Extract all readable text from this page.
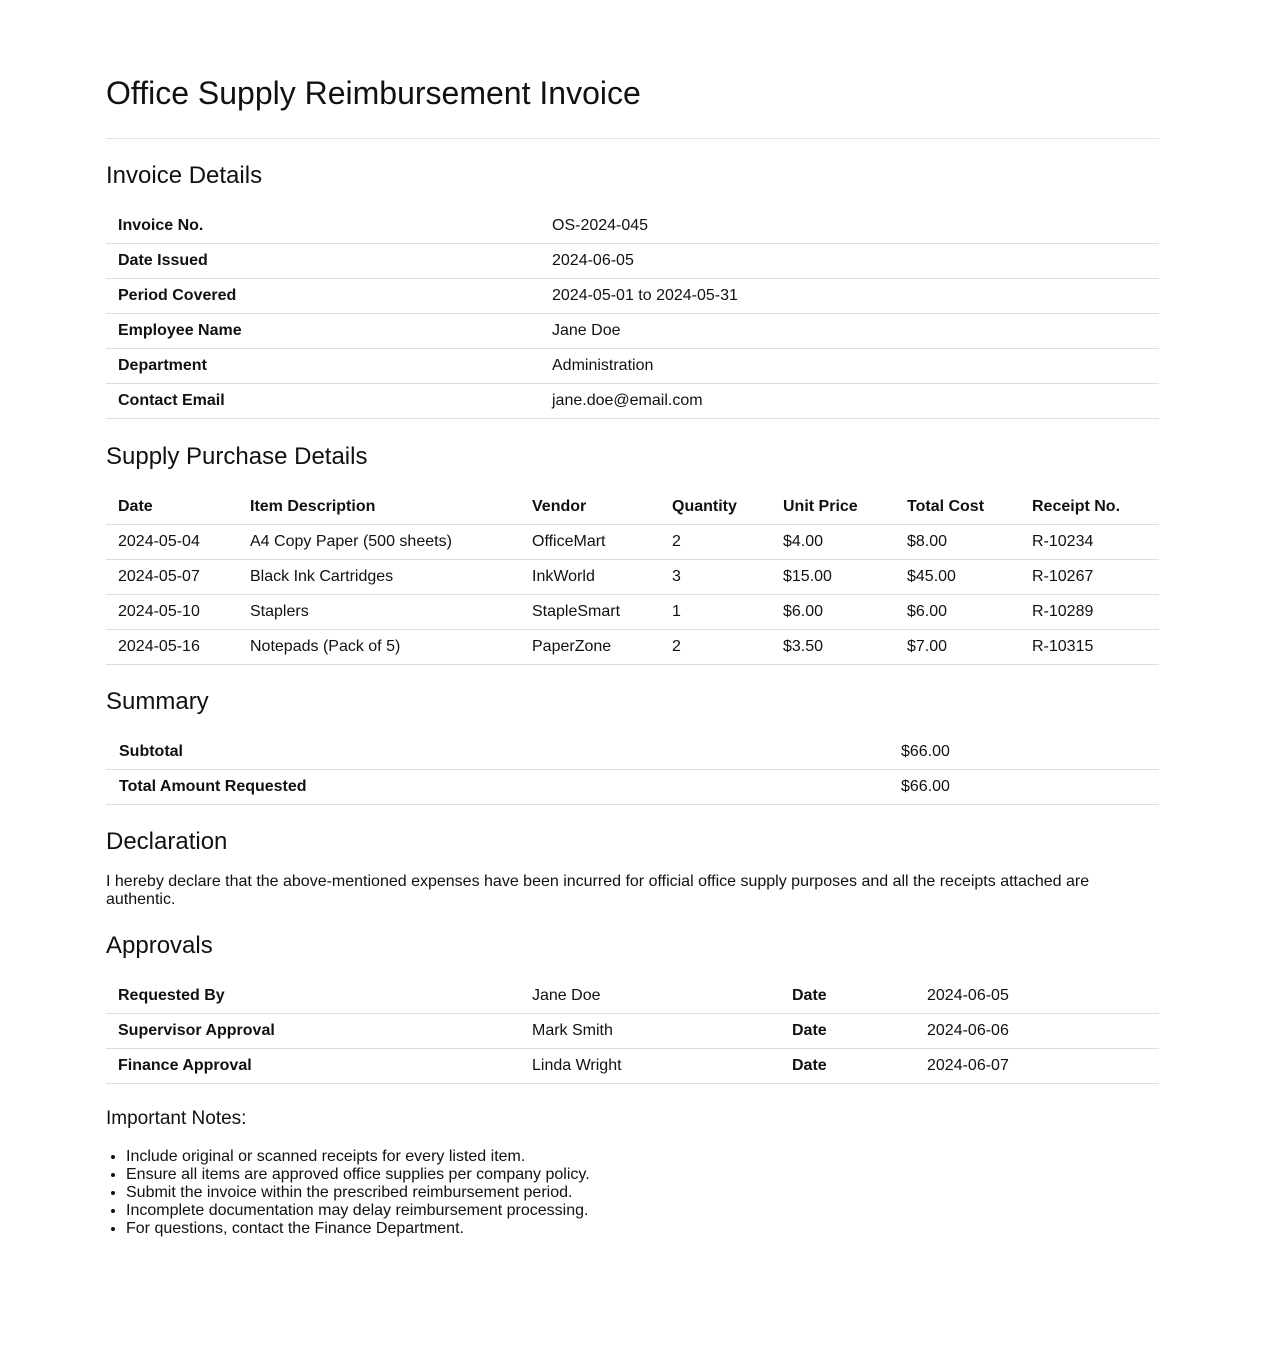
Office Supply Reimbursement Invoice
Invoice Details
Invoice No.	OS-2024-045
Date Issued	2024-06-05
Period Covered	2024-05-01 to 2024-05-31
Employee Name	Jane Doe
Department	Administration
Contact Email	jane.doe@email.com
Supply Purchase Details
Date	Item Description	Vendor	Quantity	Unit Price	Total Cost	Receipt No.
2024-05-04	A4 Copy Paper (500 sheets)	OfficeMart	2	$4.00	$8.00	R-10234
2024-05-07	Black Ink Cartridges	InkWorld	3	$15.00	$45.00	R-10267
2024-05-10	Staplers	StapleSmart	1	$6.00	$6.00	R-10289
2024-05-16	Notepads (Pack of 5)	PaperZone	2	$3.50	$7.00	R-10315
Summary
Subtotal	$66.00
Total Amount Requested	$66.00
Declaration

I hereby declare that the above-mentioned expenses have been incurred for official office supply purposes and all the receipts attached are authentic.

Approvals
Requested By	Jane Doe	Date	2024-06-05
Supervisor Approval	Mark Smith	Date	2024-06-06
Finance Approval	Linda Wright	Date	2024-06-07
Important Notes:
• Include original or scanned receipts for every listed item.
• Ensure all items are approved office supplies per company policy.
• Submit the invoice within the prescribed reimbursement period.
• Incomplete documentation may delay reimbursement processing.
• For questions, contact the Finance Department.
